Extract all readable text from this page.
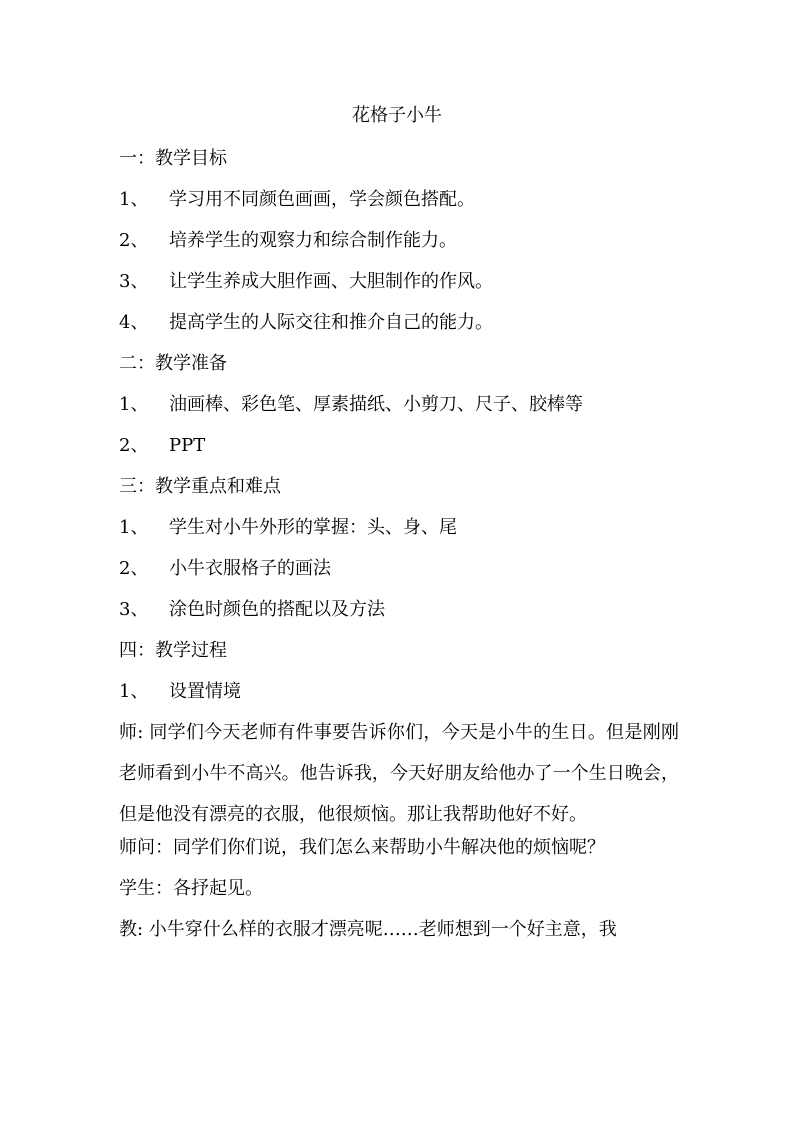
花格子小牛
一：教学目标
1、 学习用不同颜色画画，学会颜色搭配。
2、 培养学生的观察力和综合制作能力。
3、 让学生养成大胆作画、大胆制作的作风。
4、 提高学生的人际交往和推介自己的能力。
二：教学准备
1、 油画棒、彩色笔、厚素描纸、小剪刀、尺子、胶棒等
2、 PPT
三：教学重点和难点
1、 学生对小牛外形的掌握：头、身、尾
2、 小牛衣服格子的画法
3、 涂色时颜色的搭配以及方法
四：教学过程
1、 设置情境

师: 同学们今天老师有件事要告诉你们，今天是小牛的生日。但是刚刚老师看到小牛不高兴。他告诉我，今天好朋友给他办了一个生日晚会，但是他没有漂亮的衣服，他很烦恼。那让我帮助他好不好。

师问：同学们你们说，我们怎么来帮助小牛解决他的烦恼呢？
学生：各抒起见。
教: 小牛穿什么样的衣服才漂亮呢……老师想到一个好主意，我
